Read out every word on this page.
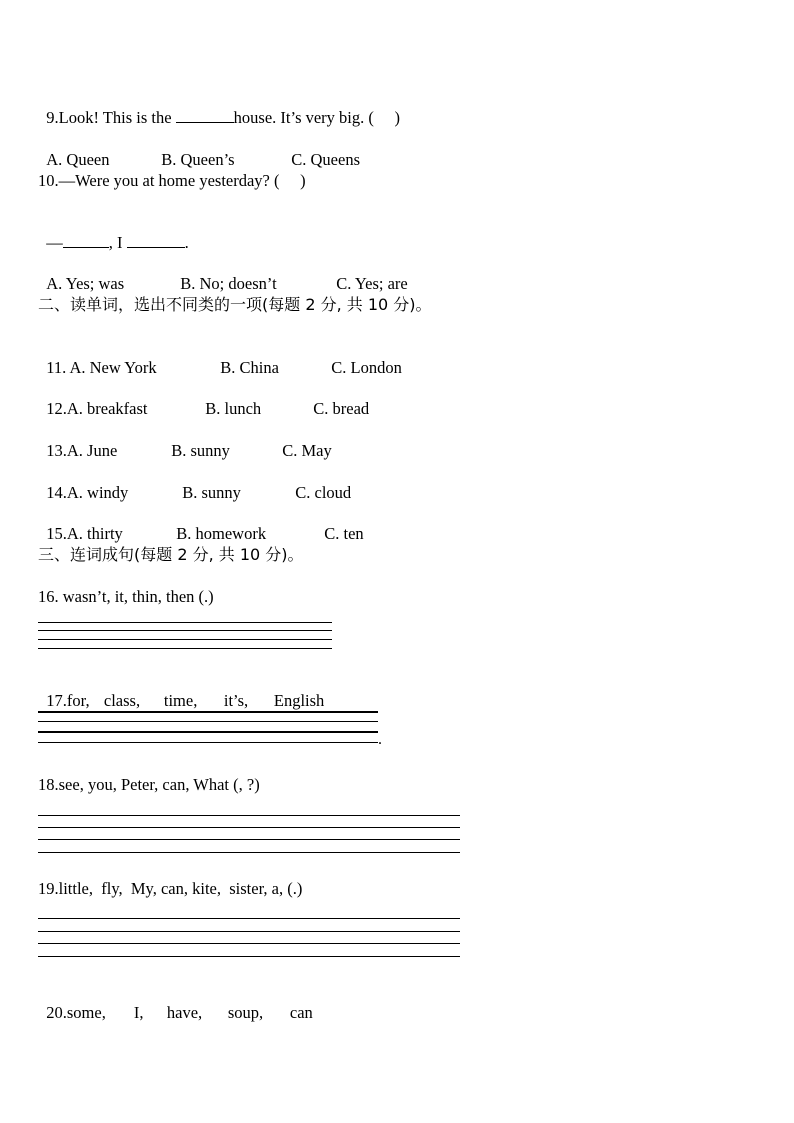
9.Look! This is the	house. It’s very big. (     )

A. Queen	B. Queen’s	C. Queens

10.—Were you at home yesterday? (     )

—	, I	.

A. Yes; was	B. No; doesn’t	C. Yes; are

二、读单词，选出不同类的一项(每题 2 分, 共 10 分)。

11. A. New York	B. China	C. London

12.A. breakfast	B. lunch	C. bread

13.A. June	B. sunny	C. May

14.A. windy	B. sunny	C. cloud

15.A. thirty	B. homework	C. ten

三、连词成句(每题 2 分, 共 10 分)。
16. wasn’t, it, thin, then (.)

17.for, class, time, it’s, English

.
18.see, you, Peter, can, What (, ?)
19.little,  fly,  My, can, kite,  sister, a, (.)

20.some, I, have, soup, can
